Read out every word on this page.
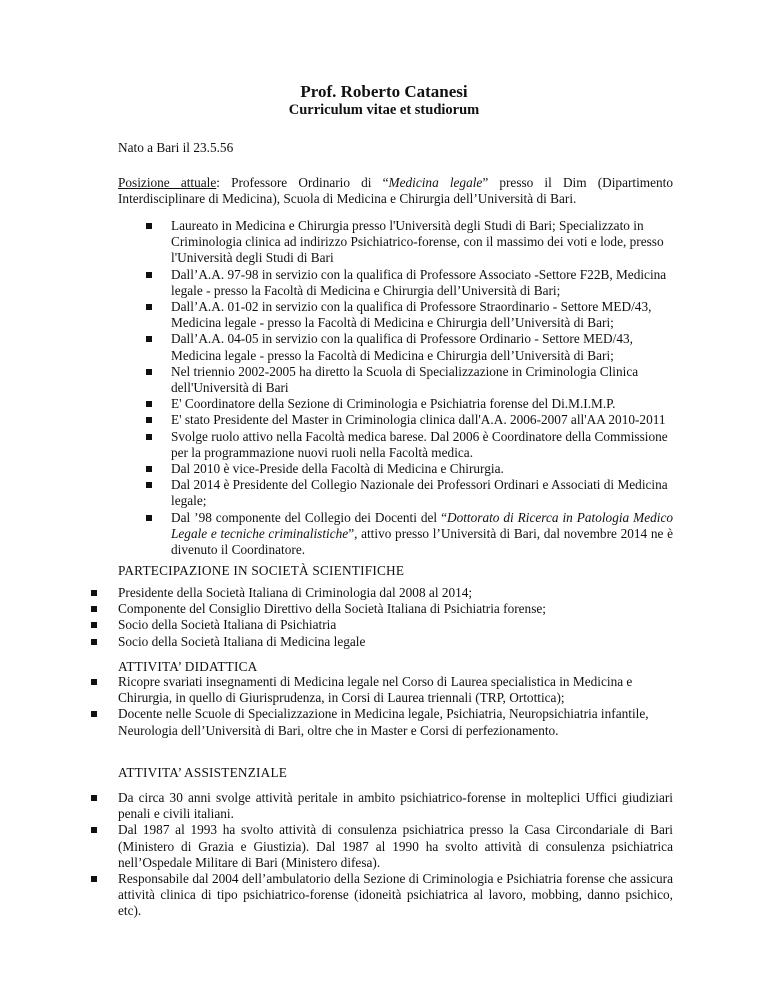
Prof. Roberto Catanesi
Curriculum vitae et studiorum
Nato a Bari il 23.5.56
Posizione attuale: Professore Ordinario di “Medicina legale” presso il Dim (Dipartimento Interdisciplinare di Medicina), Scuola di Medicina e Chirurgia dell’Università di Bari.
Laureato in Medicina e Chirurgia presso l'Università degli Studi di Bari; Specializzato in Criminologia clinica ad indirizzo Psichiatrico-forense, con il massimo dei voti e lode, presso l'Università degli Studi di Bari
Dall’A.A. 97-98 in servizio con la qualifica di Professore Associato -Settore F22B, Medicina legale - presso la Facoltà di Medicina e Chirurgia dell’Università di Bari;
Dall’A.A. 01-02 in servizio con la qualifica di Professore Straordinario - Settore MED/43, Medicina legale - presso la Facoltà di Medicina e Chirurgia dell’Università di Bari;
Dall’A.A. 04-05 in servizio con la qualifica di Professore Ordinario - Settore MED/43, Medicina legale - presso la Facoltà di Medicina e Chirurgia dell’Università di Bari;
Nel triennio 2002-2005 ha diretto la Scuola di Specializzazione in Criminologia Clinica dell'Università di Bari
E' Coordinatore della Sezione di Criminologia e Psichiatria forense del Di.M.I.M.P.
E' stato Presidente del Master in Criminologia clinica dall'A.A. 2006-2007 all'AA 2010-2011
Svolge ruolo attivo nella Facoltà medica barese. Dal 2006 è Coordinatore della Commissione per la programmazione nuovi ruoli nella Facoltà medica.
Dal 2010 è vice-Preside della Facoltà di Medicina e Chirurgia.
Dal 2014 è Presidente del Collegio Nazionale dei Professori Ordinari e Associati di Medicina legale;
Dal ’98 componente del Collegio dei Docenti del “Dottorato di Ricerca in Patologia Medico Legale e tecniche criminalistiche”, attivo presso l’Università di Bari, dal novembre 2014 ne è divenuto il Coordinatore.
PARTECIPAZIONE IN SOCIETÀ SCIENTIFICHE
Presidente della Società Italiana di Criminologia dal 2008 al 2014;
Componente del Consiglio Direttivo della Società Italiana di Psichiatria forense;
Socio della Società Italiana di Psichiatria
Socio della Società Italiana di Medicina legale
ATTIVITA’ DIDATTICA
Ricopre svariati insegnamenti di Medicina legale nel Corso di Laurea specialistica in Medicina e Chirurgia, in quello di Giurisprudenza, in Corsi di Laurea triennali (TRP, Ortottica);
Docente nelle Scuole di Specializzazione in Medicina legale, Psichiatria, Neuropsichiatria infantile, Neurologia dell’Università di Bari, oltre che in Master e Corsi di perfezionamento.
ATTIVITA’ ASSISTENZIALE
Da circa 30 anni svolge attività peritale in ambito psichiatrico-forense in molteplici Uffici giudiziari penali e civili italiani.
Dal 1987 al 1993 ha svolto attività di consulenza psichiatrica presso la Casa Circondariale di Bari (Ministero di Grazia e Giustizia). Dal 1987 al 1990 ha svolto attività di consulenza psichiatrica nell’Ospedale Militare di Bari (Ministero difesa).
Responsabile dal 2004 dell’ambulatorio della Sezione di Criminologia e Psichiatria forense che assicura attività clinica di tipo psichiatrico-forense (idoneità psichiatrica al lavoro, mobbing, danno psichico, etc).
